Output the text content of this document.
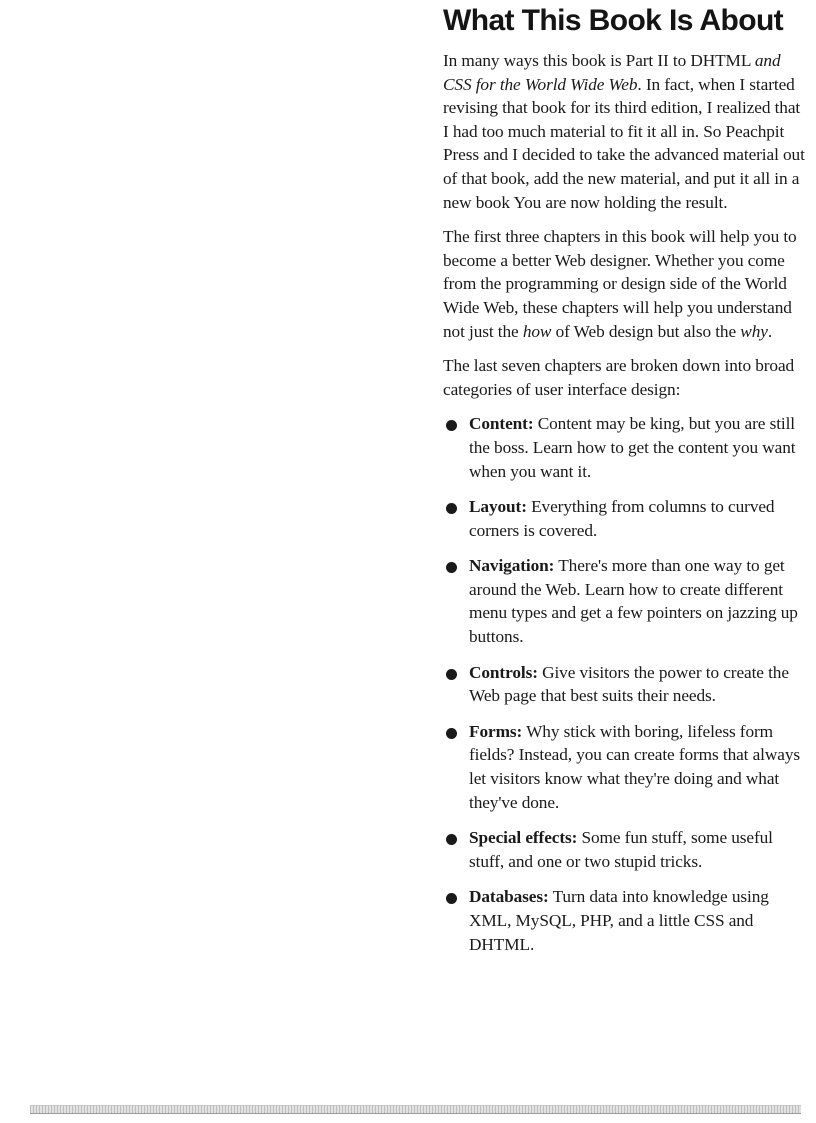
What This Book Is About

In many ways this book is Part II to DHTML and CSS for the World Wide Web. In fact, when I started revising that book for its third edition, I realized that I had too much material to fit it all in. So Peachpit Press and I decided to take the advanced material out of that book, add the new material, and put it all in a new book You are now holding the result.

The first three chapters in this book will help you to become a better Web designer. Whether you come from the programming or design side of the World Wide Web, these chapters will help you understand not just the how of Web design but also the why.

The last seven chapters are broken down into broad categories of user interface design:

Content: Content may be king, but you are still the boss. Learn how to get the content you want when you want it.
Layout: Everything from columns to curved corners is covered.
Navigation: There's more than one way to get around the Web. Learn how to create different menu types and get a few pointers on jazzing up buttons.
Controls: Give visitors the power to create the Web page that best suits their needs.
Forms: Why stick with boring, lifeless form fields? Instead, you can create forms that always let visitors know what they're doing and what they've done.
Special effects: Some fun stuff, some useful stuff, and one or two stupid tricks.
Databases: Turn data into knowledge using XML, MySQL, PHP, and a little CSS and DHTML.
